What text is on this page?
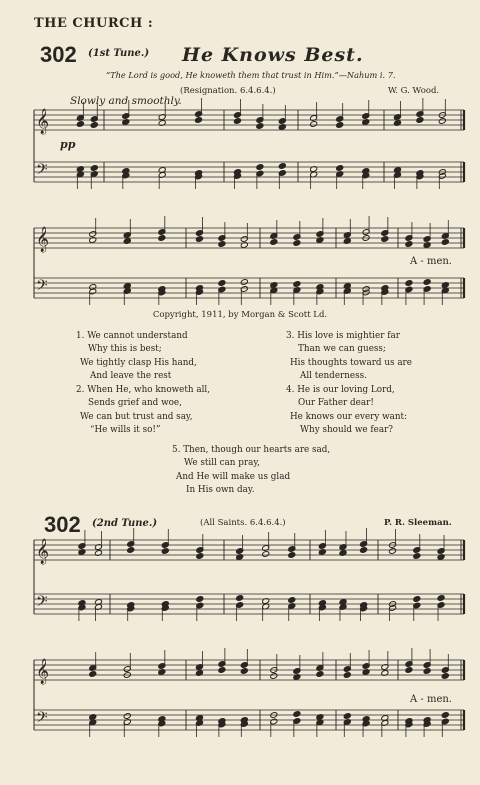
THE CHURCH :
302 (1st Tune.) He Knows Best.
“The Lord is good, He knoweth them that trust in Him.”—Nahum i. 7.
(Resignation. 6.4.6.4.)	W. G. Wood.
Slowly and smoothly.
pp
A - men.
Copyright, 1911, by Morgan & Scott Ld.
1. We cannot understand
Why this is best;
We tightly clasp His hand,
And leave the rest
2. When He, who knoweth all,
Sends grief and woe,
We can but trust and say,
“He wills it so!”
3. His love is mightier far
Than we can guess;
His thoughts toward us are
All tenderness.
4. He is our loving Lord,
Our Father dear!
He knows our every want:
Why should we fear?
5. Then, though our hearts are sad,
We still can pray,
And He will make us glad
In His own day.
302 (2nd Tune.)	(All Saints. 6.4.6.4.)	P. R. Sleeman.
A - men.
𝄞
𝄢
𝄞
𝄢
𝄞
𝄢
𝄞
𝄢
